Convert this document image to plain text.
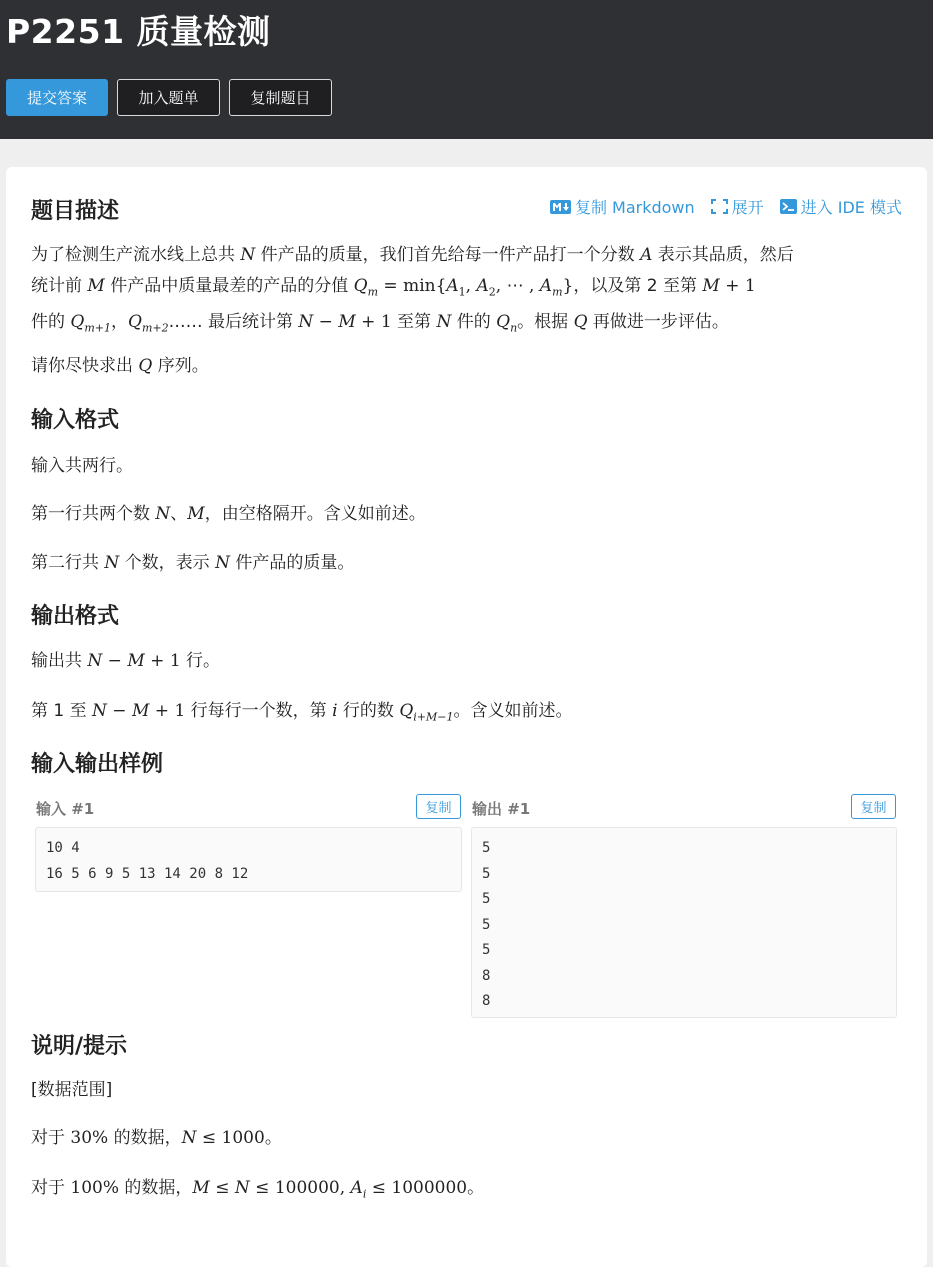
P2251 质量检测
提交答案	加入题单	复制题目
题目描述	复制 Markdown 展开 进入 IDE 模式
为了检测生产流水线上总共 N 件产品的质量，我们首先给每一件产品打一个分数 A 表示其品质，然后
统计前 M 件产品中质量最差的产品的分值 $Q_m = \min\{A_1$, $A_2$, ⋯ , $A_m$}，以及第 2 至第 M + 1
件的 $Q_{m+1}$，$Q_{m+2}\dots\dots$ 最后统计第 N − M + 1 至第 N 件的 $Q_n$。根据 Q 再做进一步评估。
请你尽快求出 Q 序列。
输入格式
输入共两行。
第一行共两个数 N、M，由空格隔开。含义如前述。
第二行共 N 个数，表示 N 件产品的质量。
输出格式
输出共 N − M + 1 行。
第 1 至 N − M + 1 行每行一个数，第 i 行的数 $Q_{i+M-1}$。含义如前述。
输入输出样例
输入 #1	复制
10 4
16 5 6 9 5 13 14 20 8 12
输出 #1	复制
5
5
5
5
5
8
8
说明/提示
[数据范围]
对于 30% 的数据，N ≤ 1000。
对于 100% 的数据，M ≤ N ≤ 100000, $A_i \le 1000000$。
